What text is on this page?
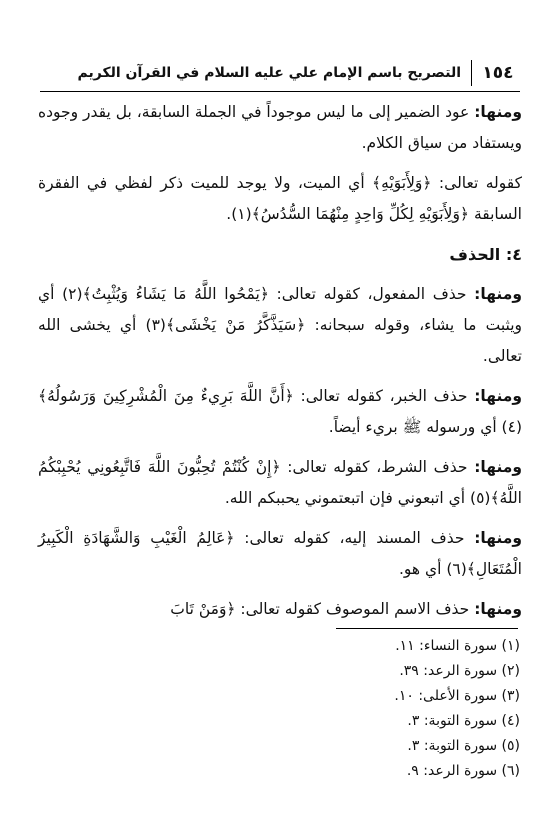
١٥٤
التصريح باسم الإمام علي عليه السلام في القرآن الكريم

ومنها: عود الضمير إلى ما ليس موجوداً في الجملة السابقة، بل يقدر وجوده ويستفاد من سياق الكلام.

كقوله تعالى: ﴿وَلِأَبَوَيْهِ﴾ أي الميت، ولا يوجد للميت ذكر لفظي في الفقرة السابقة ﴿وَلِأَبَوَيْهِ لِكُلِّ وَاحِدٍ مِنْهُمَا السُّدُسُ﴾(١).

٤: الحذف

ومنها: حذف المفعول، كقوله تعالى: ﴿يَمْحُوا اللَّهُ مَا يَشَاءُ وَيُثْبِتُ﴾(٢) أي ويثبت ما يشاء، وقوله سبحانه: ﴿سَيَذَّكَّرُ مَنْ يَخْشَى﴾(٣) أي يخشى الله تعالى.

ومنها: حذف الخبر، كقوله تعالى: ﴿أَنَّ اللَّهَ بَرِيءٌ مِنَ الْمُشْرِكِينَ وَرَسُولُهُ﴾(٤) أي ورسوله ﷺ بريء أيضاً.

ومنها: حذف الشرط، كقوله تعالى: ﴿إِنْ كُنْتُمْ تُحِبُّونَ اللَّهَ فَاتَّبِعُونِي يُحْبِبْكُمُ اللَّهُ﴾(٥) أي اتبعوني فإن اتبعتموني يحببكم الله.

ومنها: حذف المسند إليه، كقوله تعالى: ﴿عَالِمُ الْغَيْبِ وَالشَّهَادَةِ الْكَبِيرُ الْمُتَعَالِ﴾(٦) أي هو.

ومنها: حذف الاسم الموصوف كقوله تعالى: ﴿وَمَنْ تَابَ

(١) سورة النساء: ١١.
(٢) سورة الرعد: ٣٩.
(٣) سورة الأعلى: ١٠.
(٤) سورة التوبة: ٣.
(٥) سورة التوبة: ٣.
(٦) سورة الرعد: ٩.
